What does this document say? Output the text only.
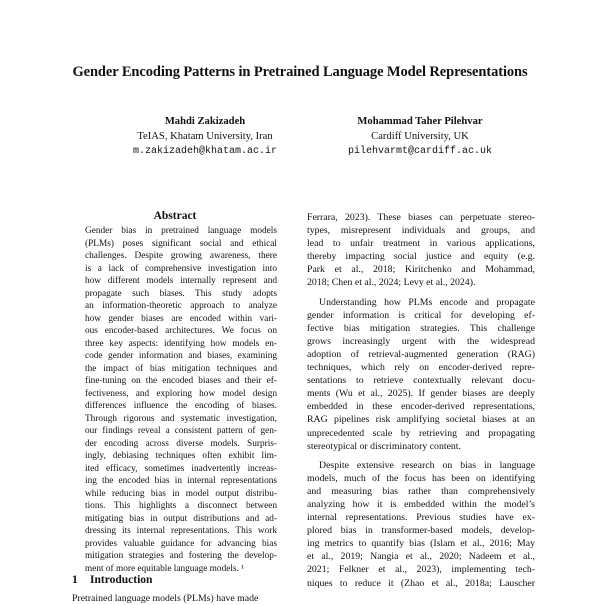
Gender Encoding Patterns in Pretrained Language Model Representations
Mahdi Zakizadeh
TeIAS, Khatam University, Iran
m.zakizadeh@khatam.ac.ir
Mohammad Taher Pilehvar
Cardiff University, UK
pilehvarmt@cardiff.ac.uk
Abstract
Gender bias in pretrained language models
(PLMs) poses significant social and ethical
challenges. Despite growing awareness, there
is a lack of comprehensive investigation into
how different models internally represent and
propagate such biases. This study adopts
an information-theoretic approach to analyze
how gender biases are encoded within vari-
ous encoder-based architectures. We focus on
three key aspects: identifying how models en-
code gender information and biases, examining
the impact of bias mitigation techniques and
fine-tuning on the encoded biases and their ef-
fectiveness, and exploring how model design
differences influence the encoding of biases.
Through rigorous and systematic investigation,
our findings reveal a consistent pattern of gen-
der encoding across diverse models. Surpris-
ingly, debiasing techniques often exhibit lim-
ited efficacy, sometimes inadvertently increas-
ing the encoded bias in internal representations
while reducing bias in model output distribu-
tions. This highlights a disconnect between
mitigating bias in output distributions and ad-
dressing its internal representations. This work
provides valuable guidance for advancing bias
mitigation strategies and fostering the develop-
ment of more equitable language models. ¹
Ferrara, 2023). These biases can perpetuate stereo-
types, misrepresent individuals and groups, and
lead to unfair treatment in various applications,
thereby impacting social justice and equity (e.g.
Park et al., 2018; Kiritchenko and Mohammad,
2018; Chen et al., 2024; Levy et al., 2024).
Understanding how PLMs encode and propagate
gender information is critical for developing ef-
fective bias mitigation strategies. This challenge
grows increasingly urgent with the widespread
adoption of retrieval-augmented generation (RAG)
techniques, which rely on encoder-derived repre-
sentations to retrieve contextually relevant docu-
ments (Wu et al., 2025). If gender biases are deeply
embedded in these encoder-derived representations,
RAG pipelines risk amplifying societal biases at an
unprecedented scale by retrieving and propagating
stereotypical or discriminatory content.
Despite extensive research on bias in language
models, much of the focus has been on identifying
and measuring bias rather than comprehensively
analyzing how it is embedded within the model’s
internal representations. Previous studies have ex-
plored bias in transformer-based models, develop-
ing metrics to quantify bias (Islam et al., 2016; May
et al., 2019; Nangia et al., 2020; Nadeem et al.,
2021; Felkner et al., 2023), implementing tech-
niques to reduce it (Zhao et al., 2018a; Lauscher
1 Introduction
Pretrained language models (PLMs) have made
